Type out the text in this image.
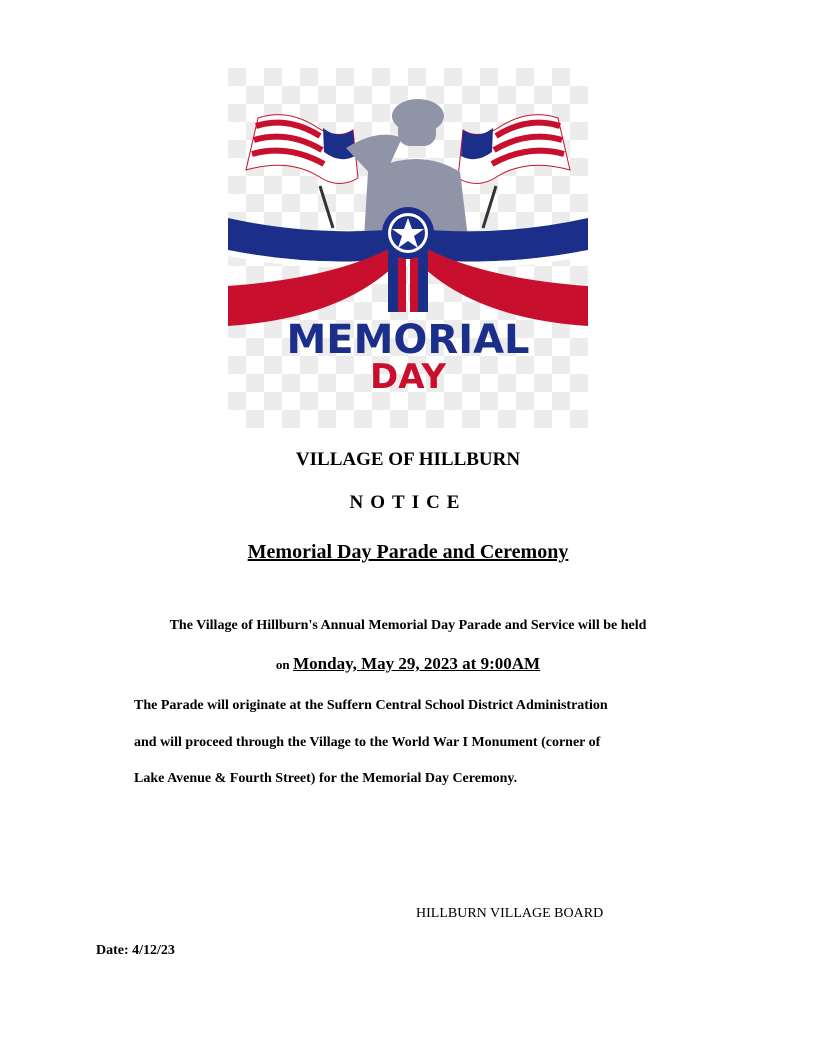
MEMORIAL
DAY
VILLAGE OF HILLBURN
NOTICE
Memorial Day Parade and Ceremony
The Village of Hillburn's Annual Memorial Day Parade and Service will be held
on Monday, May 29, 2023 at 9:00AM
The Parade will originate at the Suffern Central School District Administration
and will proceed through the Village to the World War I Monument (corner of
Lake Avenue & Fourth Street) for the Memorial Day Ceremony.
HILLBURN VILLAGE BOARD
Date: 4/12/23
